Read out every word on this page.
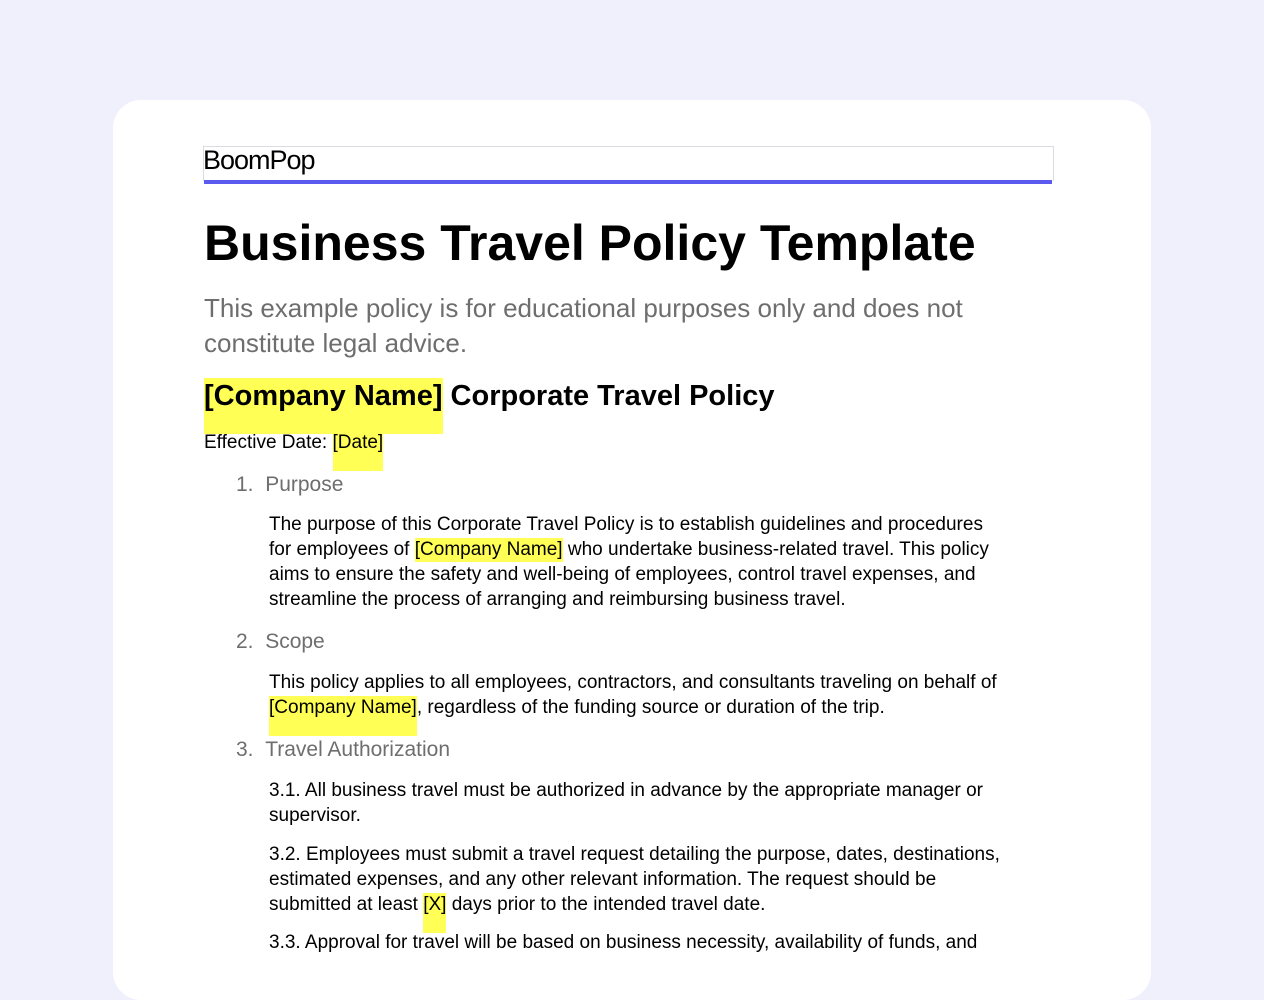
BoomPop
Business Travel Policy Template
This example policy is for educational purposes only and does not
constitute legal advice.
[Company Name] Corporate Travel Policy
Effective Date: [Date]
1. Purpose
The purpose of this Corporate Travel Policy is to establish guidelines and procedures
for employees of [Company Name] who undertake business-related travel. This policy
aims to ensure the safety and well-being of employees, control travel expenses, and
streamline the process of arranging and reimbursing business travel.
2. Scope
This policy applies to all employees, contractors, and consultants traveling on behalf of
[Company Name], regardless of the funding source or duration of the trip.
3. Travel Authorization
3.1. All business travel must be authorized in advance by the appropriate manager or
supervisor.
3.2. Employees must submit a travel request detailing the purpose, dates, destinations,
estimated expenses, and any other relevant information. The request should be
submitted at least [X] days prior to the intended travel date.
3.3. Approval for travel will be based on business necessity, availability of funds, and
